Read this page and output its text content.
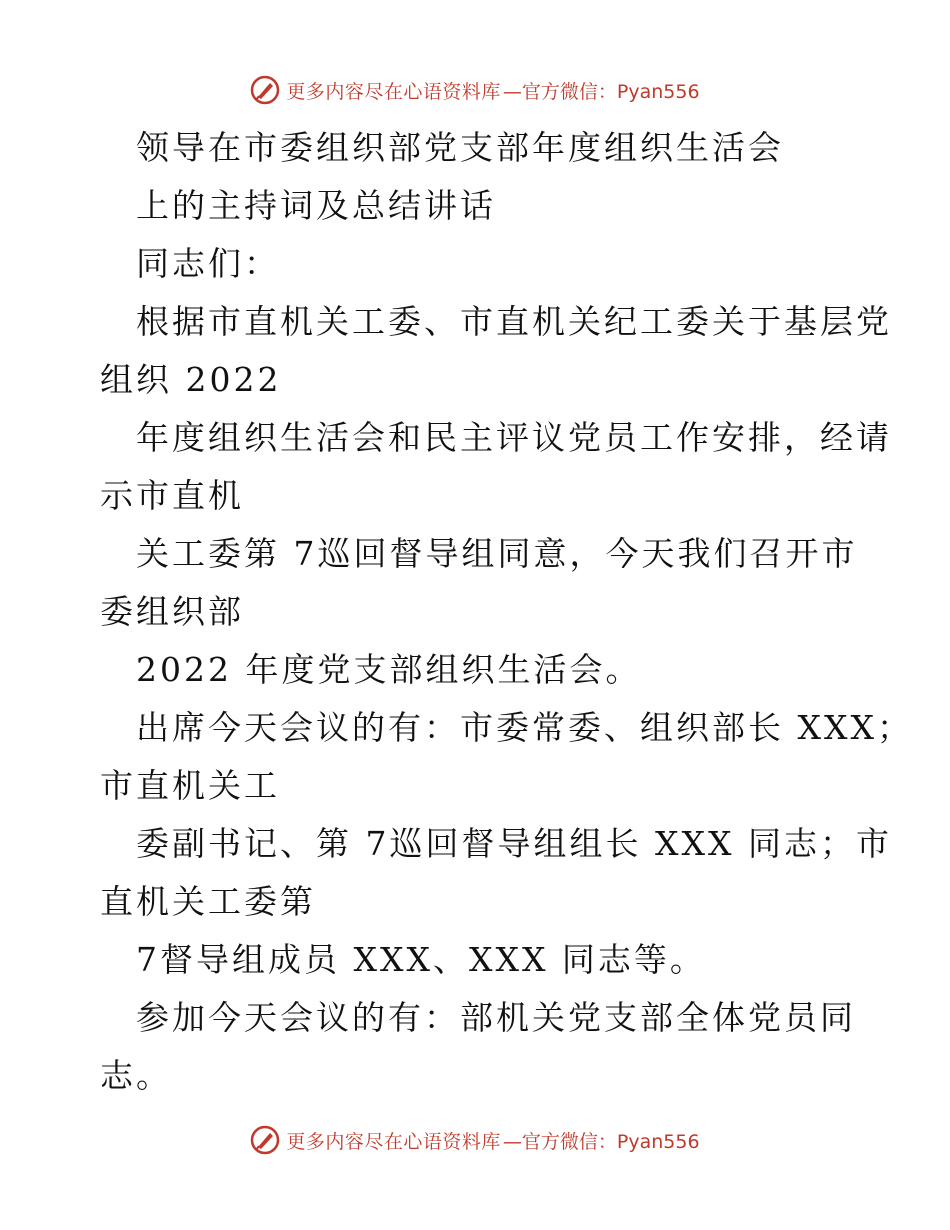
更多内容尽在心语资料库 —官方微信：Pyan556
领导在市委组织部党支部年度组织生活会
上的主持词及总结讲话
同志们：
根据市直机关工委、市直机关纪工委关于基层党
组织 2022
年度组织生活会和民主评议党员工作安排，经请
示市直机
关工委第 7巡回督导组同意，今天我们召开市
委组织部
2022 年度党支部组织生活会。
出席今天会议的有：市委常委、组织部长 XXX；
市直机关工
委副书记、第 7巡回督导组组长 XXX 同志；市
直机关工委第
7督导组成员 XXX、XXX 同志等。
参加今天会议的有：部机关党支部全体党员同
志。
更多内容尽在心语资料库 —官方微信：Pyan556
